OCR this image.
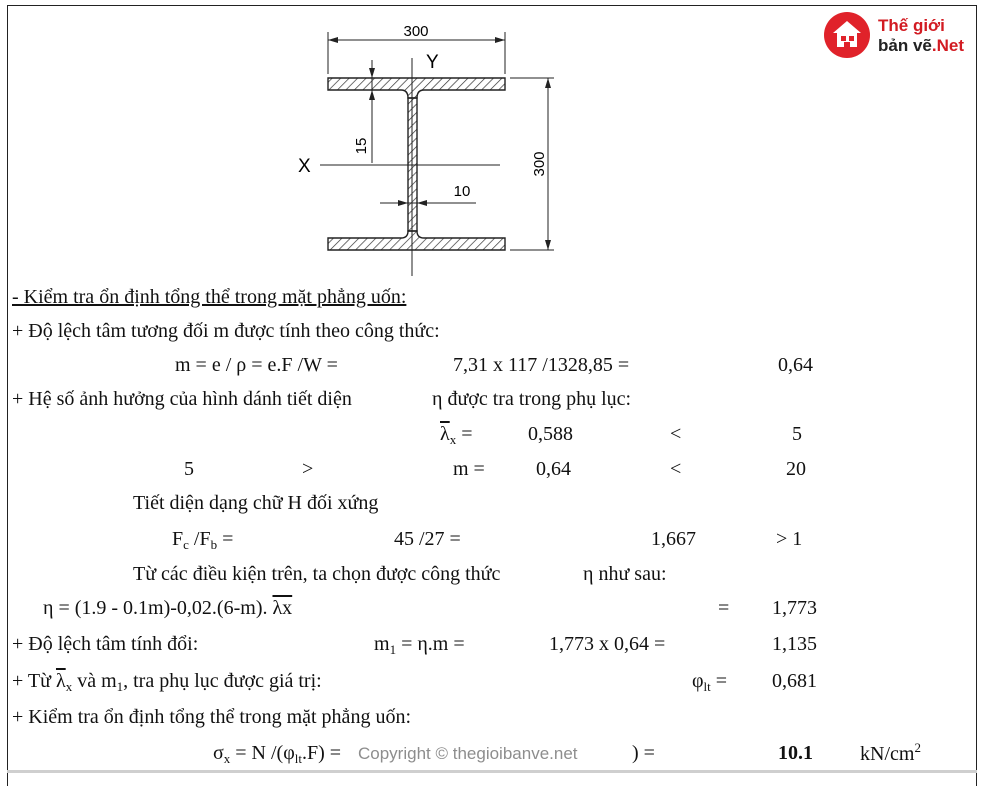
300
Y
X	300
15
10
Thế giới
bản vẽ.Net
- Kiểm tra ổn định tổng thể trong mặt phẳng uốn:
+ Độ lệch tâm tương đối m được tính theo công thức:
m = e / ρ = e.F /W =	7,31 x 117 /1328,85 =	0,64
+ Hệ số ảnh hưởng của hình dánh tiết diện	η được tra trong phụ lục:
$\overline{\lambda}_x$ =	0,588	<	5
5	>	m =	0,64	<	20
Tiết diện dạng chữ H đối xứng
$F_c$ $/F_b$ =	45 /27 =	1,667	> 1
Từ các điều kiện trên, ta chọn được công thức	η như sau:
η = (1.9 - 0.1m)-0,02.(6-m). $\overline{\lambda x}$	= 1,773
+ Độ lệch tâm tính đổi:	$m_1 = \eta.m$ =	1,773 x 0,64 =	1,135
+ Từ $\overline{\lambda}_x$ và $m_1$, tra phụ lục được giá trị:	$\varphi_{lt} = 0,681$
+ Kiểm tra ổn định tổng thể trong mặt phẳng uốn:
$\sigma_x = N$ $/(\varphi_{lt}.F)$ =	) =	10.1 $kN/cm^2$
Copyright © thegioibanve.net
